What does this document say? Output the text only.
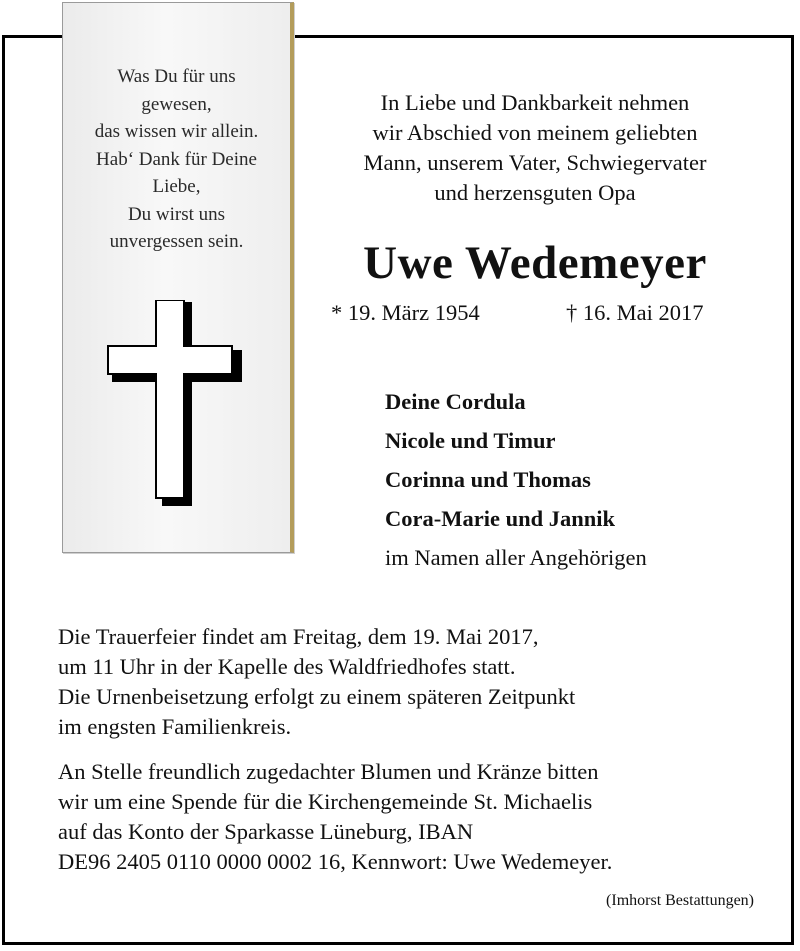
Was Du für uns
gewesen,
das wissen wir allein.
Hab‘ Dank für Deine
Liebe,
Du wirst uns
unvergessen sein.
In Liebe und Dankbarkeit nehmen
wir Abschied von meinem geliebten
Mann, unserem Vater, Schwiegervater
und herzensguten Opa
Uwe Wedemeyer
* 19. März 1954	† 16. Mai 2017
Deine Cordula
Nicole und Timur
Corinna und Thomas
Cora-Marie und Jannik
im Namen aller Angehörigen
Die Trauerfeier findet am Freitag, dem 19. Mai 2017,
um 11 Uhr in der Kapelle des Waldfriedhofes statt.
Die Urnenbeisetzung erfolgt zu einem späteren Zeitpunkt
im engsten Familienkreis.
An Stelle freundlich zugedachter Blumen und Kränze bitten
wir um eine Spende für die Kirchengemeinde St. Michaelis
auf das Konto der Sparkasse Lüneburg, IBAN
DE96 2405 0110 0000 0002 16, Kennwort: Uwe Wedemeyer.
(Imhorst Bestattungen)
